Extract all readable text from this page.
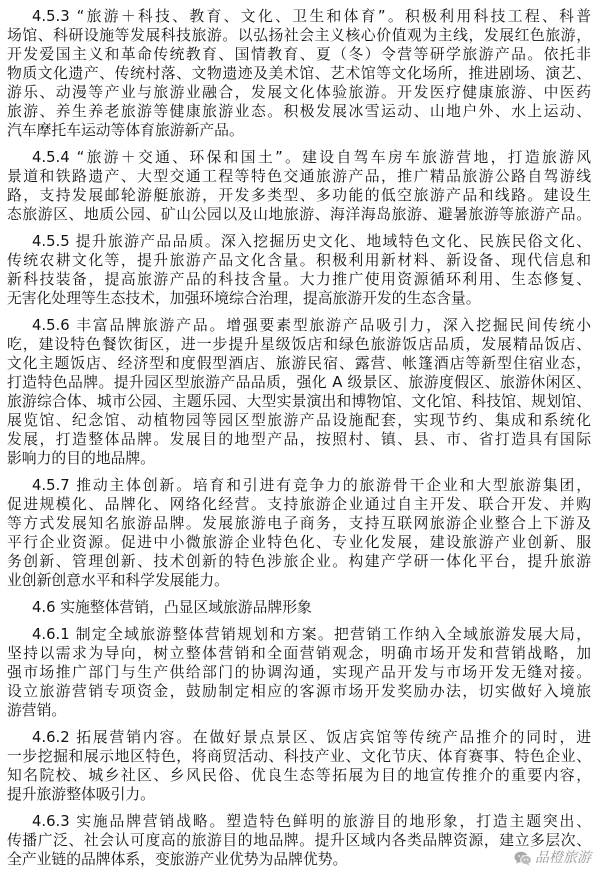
4.5.3 “旅游＋科技、教育、文化、卫生和体育”。积极利用科技工程、科普
场馆、科研设施等发展科技旅游。以弘扬社会主义核心价值观为主线，发展红色旅游，
开发爱国主义和革命传统教育、国情教育、夏（冬）令营等研学旅游产品。依托非
物质文化遗产、传统村落、文物遗迹及美术馆、艺术馆等文化场所，推进剧场、演艺、
游乐、动漫等产业与旅游业融合，发展文化体验旅游。开发医疗健康旅游、中医药
旅游、养生养老旅游等健康旅游业态。积极发展冰雪运动、山地户外、水上运动、
汽车摩托车运动等体育旅游新产品。
4.5.4 “旅游＋交通、环保和国土”。建设自驾车房车旅游营地，打造旅游风
景道和铁路遗产、大型交通工程等特色交通旅游产品，推广精品旅游公路自驾游线
路，支持发展邮轮游艇旅游，开发多类型、多功能的低空旅游产品和线路。建设生
态旅游区、地质公园、矿山公园以及山地旅游、海洋海岛旅游、避暑旅游等旅游产品。
4.5.5 提升旅游产品品质。深入挖掘历史文化、地域特色文化、民族民俗文化、
传统农耕文化等，提升旅游产品文化含量。积极利用新材料、新设备、现代信息和
新科技装备，提高旅游产品的科技含量。大力推广使用资源循环利用、生态修复、
无害化处理等生态技术，加强环境综合治理，提高旅游开发的生态含量。
4.5.6 丰富品牌旅游产品。增强要素型旅游产品吸引力，深入挖掘民间传统小
吃，建设特色餐饮街区，进一步提升星级饭店和绿色旅游饭店品质，发展精品饭店、
文化主题饭店、经济型和度假型酒店、旅游民宿、露营、帐篷酒店等新型住宿业态，
打造特色品牌。提升园区型旅游产品品质，强化 A 级景区、旅游度假区、旅游休闲区、
旅游综合体、城市公园、主题乐园、大型实景演出和博物馆、文化馆、科技馆、规划馆、
展览馆、纪念馆、动植物园等园区型旅游产品设施配套，实现节约、集成和系统化
发展，打造整体品牌。发展目的地型产品，按照村、镇、县、市、省打造具有国际
影响力的目的地品牌。
4.5.7 推动主体创新。培育和引进有竞争力的旅游骨干企业和大型旅游集团，
促进规模化、品牌化、网络化经营。支持旅游企业通过自主开发、联合开发、并购
等方式发展知名旅游品牌。发展旅游电子商务，支持互联网旅游企业整合上下游及
平行企业资源。促进中小微旅游企业特色化、专业化发展，建设旅游产业创新、服
务创新、管理创新、技术创新的特色涉旅企业。构建产学研一体化平台，提升旅游
业创新创意水平和科学发展能力。
4.6 实施整体营销，凸显区域旅游品牌形象
4.6.1 制定全域旅游整体营销规划和方案。把营销工作纳入全域旅游发展大局，
坚持以需求为导向，树立整体营销和全面营销观念，明确市场开发和营销战略，加
强市场推广部门与生产供给部门的协调沟通，实现产品开发与市场开发无缝对接。
设立旅游营销专项资金，鼓励制定相应的客源市场开发奖励办法，切实做好入境旅
游营销。
4.6.2 拓展营销内容。在做好景点景区、饭店宾馆等传统产品推介的同时，进
一步挖掘和展示地区特色，将商贸活动、科技产业、文化节庆、体育赛事、特色企业、
知名院校、城乡社区、乡风民俗、优良生态等拓展为目的地宣传推介的重要内容，
提升旅游整体吸引力。
4.6.3 实施品牌营销战略。塑造特色鲜明的旅游目的地形象，打造主题突出、
传播广泛、社会认可度高的旅游目的地品牌。提升区域内各类品牌资源，建立多层次、
全产业链的品牌体系，变旅游产业优势为品牌优势。	品橙旅游
